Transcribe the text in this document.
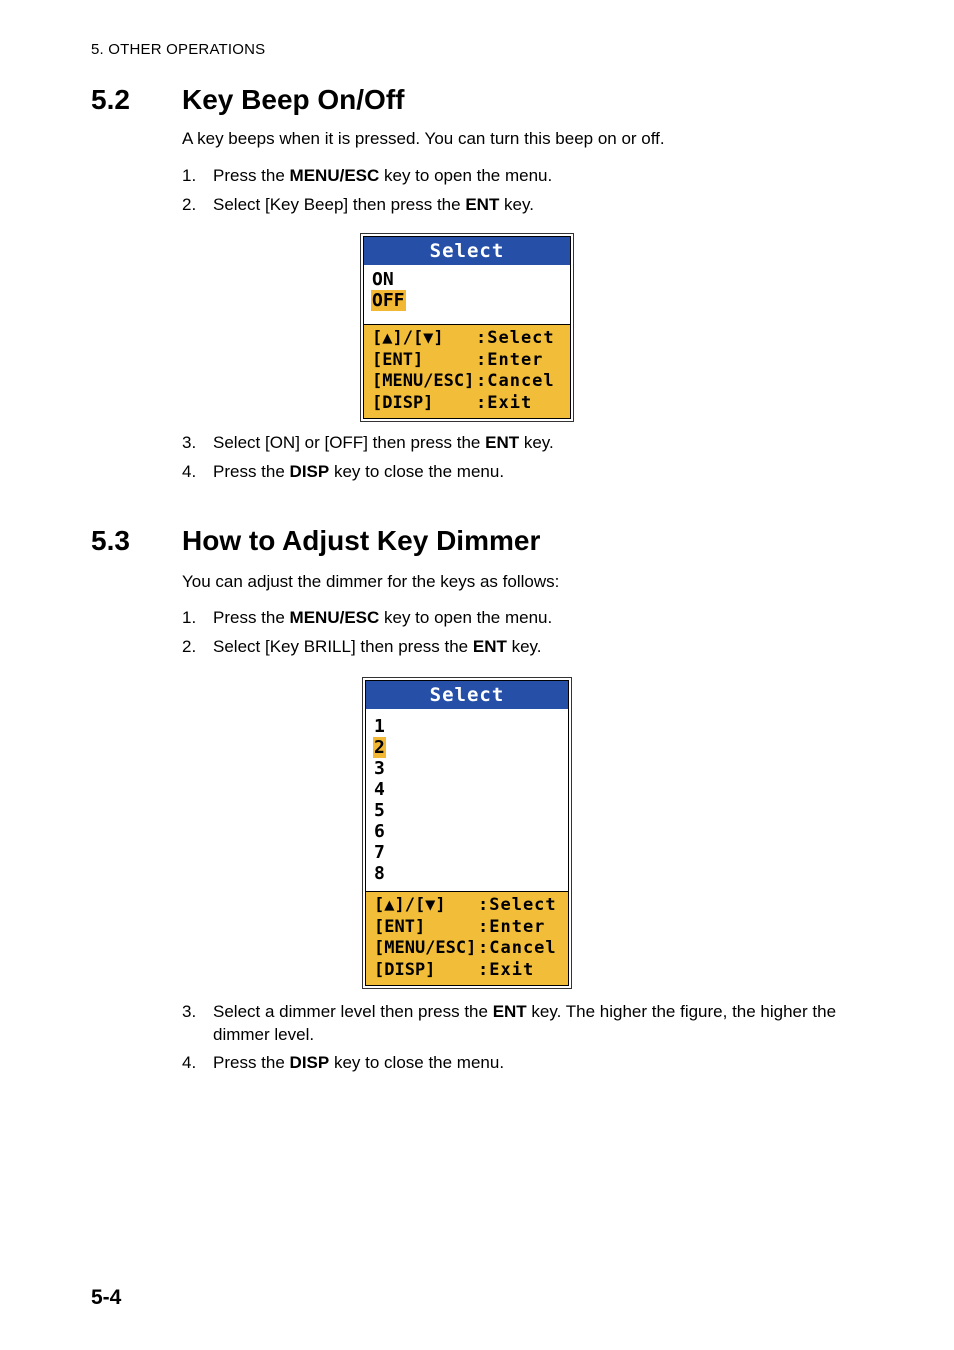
5. OTHER OPERATIONS
5.2 Key Beep On/Off

A key beeps when it is pressed. You can turn this beep on or off.

1. Press the MENU/ESC key to open the menu.
2. Select [Key Beep] then press the ENT key.
Select
ON
OFF
[▲]/[▼]	:Select
[ENT]	:Enter
[MENU/ESC] :Cancel
[DISP]	:Exit
3. Select [ON] or [OFF] then press the ENT key.
4. Press the DISP key to close the menu.
5.3 How to Adjust Key Dimmer

You can adjust the dimmer for the keys as follows:

1. Press the MENU/ESC key to open the menu.
2. Select [Key BRILL] then press the ENT key.
Select
1
2
3
4
5
6
7
8
[▲]/[▼]	:Select
[ENT]	:Enter
[MENU/ESC] :Cancel
[DISP]	:Exit
3. Select a dimmer level then press the ENT key. The higher the figure, the higher the dimmer level.
4. Press the DISP key to close the menu.
5-4
